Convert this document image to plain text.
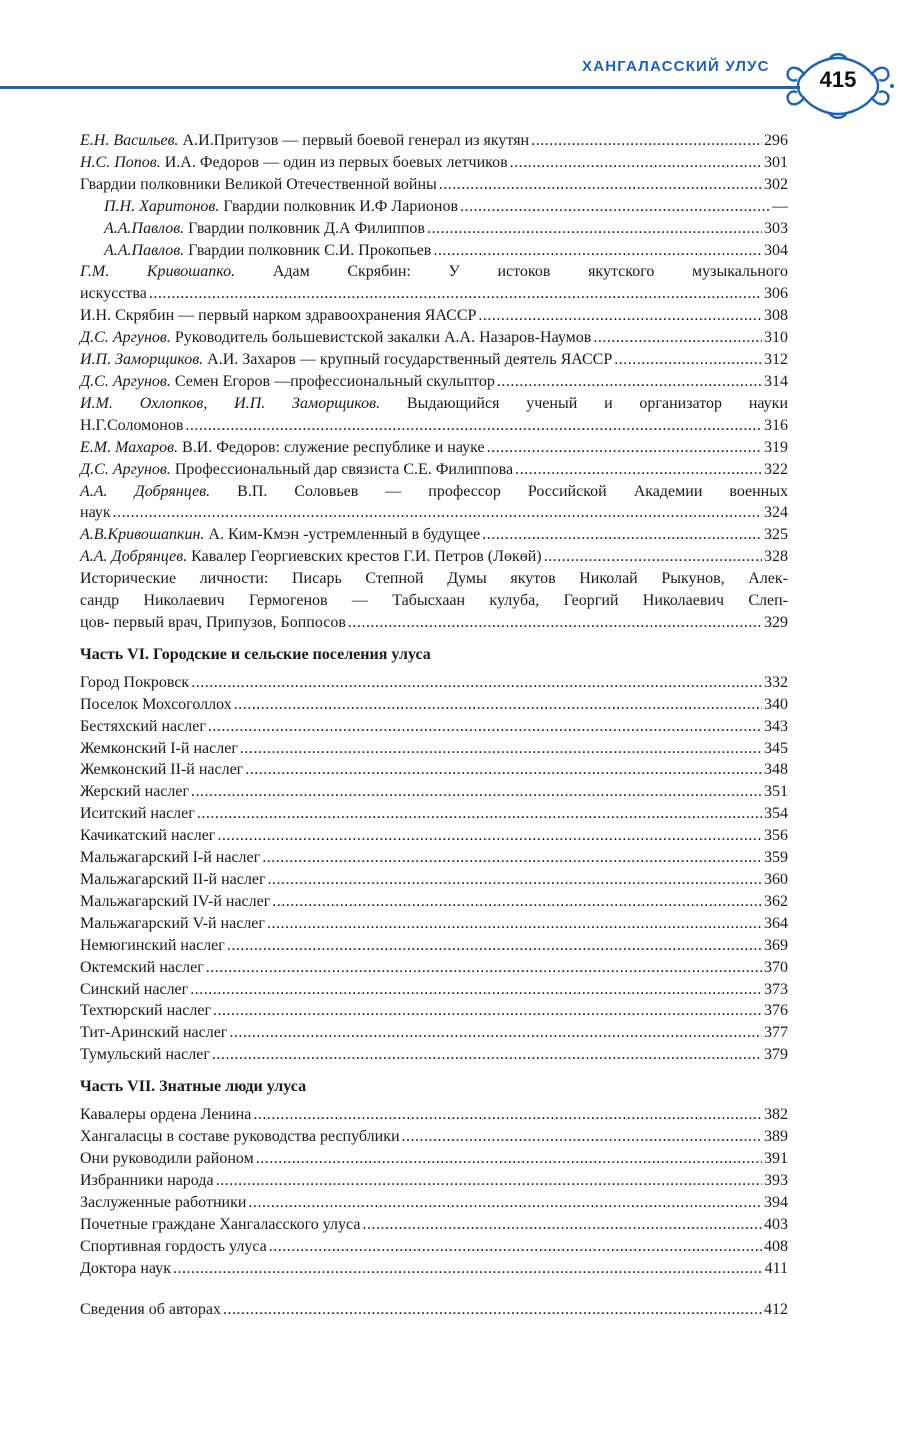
ХАНГАЛАССКИЙ УЛУС
415
Е.Н. Васильев. А.И.Притузов — первый боевой генерал из якутян .....	296
Н.С. Попов. И.А. Федоров — один из первых боевых летчиков .....	301
Гвардии полковники Великой Отечественной войны .....	302
П.Н. Харитонов. Гвардии полковник И.Ф Ларионов .....	—
А.А.Павлов. Гвардии полковник Д.А Филиппов .....	303
А.А.Павлов. Гвардии полковник С.И. Прокопьев .....	304
Г.М. Кривошапко. Адам Скрябин: У истоков якутского музыкального
искусства .....	306
И.Н. Скрябин — первый нарком здравоохранения ЯАССР .....	308
Д.С. Аргунов. Руководитель большевистской закалки А.А. Назаров-Наумов .....	310
И.П. Заморщиков. А.И. Захаров — крупный государственный деятель ЯАССР .....	312
Д.С. Аргунов. Семен Егоров —профессиональный скульптор .....	314
И.М. Охлопков, И.П. Заморщиков. Выдающийся ученый и организатор науки
Н.Г.Соломонов .....	316
Е.М. Махаров. В.И. Федоров: служение республике и науке .....	319
Д.С. Аргунов. Профессиональный дар связиста С.Е. Филиппова .....	322
А.А. Добрянцев. В.П. Соловьев — профессор Российской Академии военных
наук .....	324
А.В.Кривошапкин. А. Ким-Кмэн -устремленный в будущее .....	325
А.А. Добрянцев. Кавалер Георгиевских крестов Г.И. Петров (Лөкөй) .....	328
Исторические личности: Писарь Степной Думы якутов Николай Рыкунов, Алек-
сандр Николаевич Гермогенов — Табысхаан кулуба, Георгий Николаевич Слеп-
цов- первый врач, Припузов, Боппосов .....	329
Часть VI. Городские и сельские поселения улуса
Город Покровск .....	332
Поселок Мохсоголлох .....	340
Бестяхский наслег .....	343
Жемконский I-й наслег .....	345
Жемконский II-й наслег .....	348
Жерский наслег .....	351
Иситский наслег .....	354
Качикатский наслег .....	356
Мальжагарский I-й наслег .....	359
Мальжагарский II-й наслег .....	360
Мальжагарский IV-й наслег .....	362
Мальжагарский V-й наслег .....	364
Немюгинский наслег .....	369
Октемский наслег .....	370
Синский наслег .....	373
Техтюрский наслег .....	376
Тит-Аринский наслег .....	377
Тумульский наслег .....	379
Часть VII. Знатные люди улуса
Кавалеры ордена Ленина .....	382
Хангаласцы в составе руководства республики .....	389
Они руководили районом .....	391
Избранники народа .....	393
Заслуженные работники .....	394
Почетные граждане Хангаласского улуса .....	403
Спортивная гордость улуса .....	408
Доктора наук .....	411
Сведения об авторах .....	412
